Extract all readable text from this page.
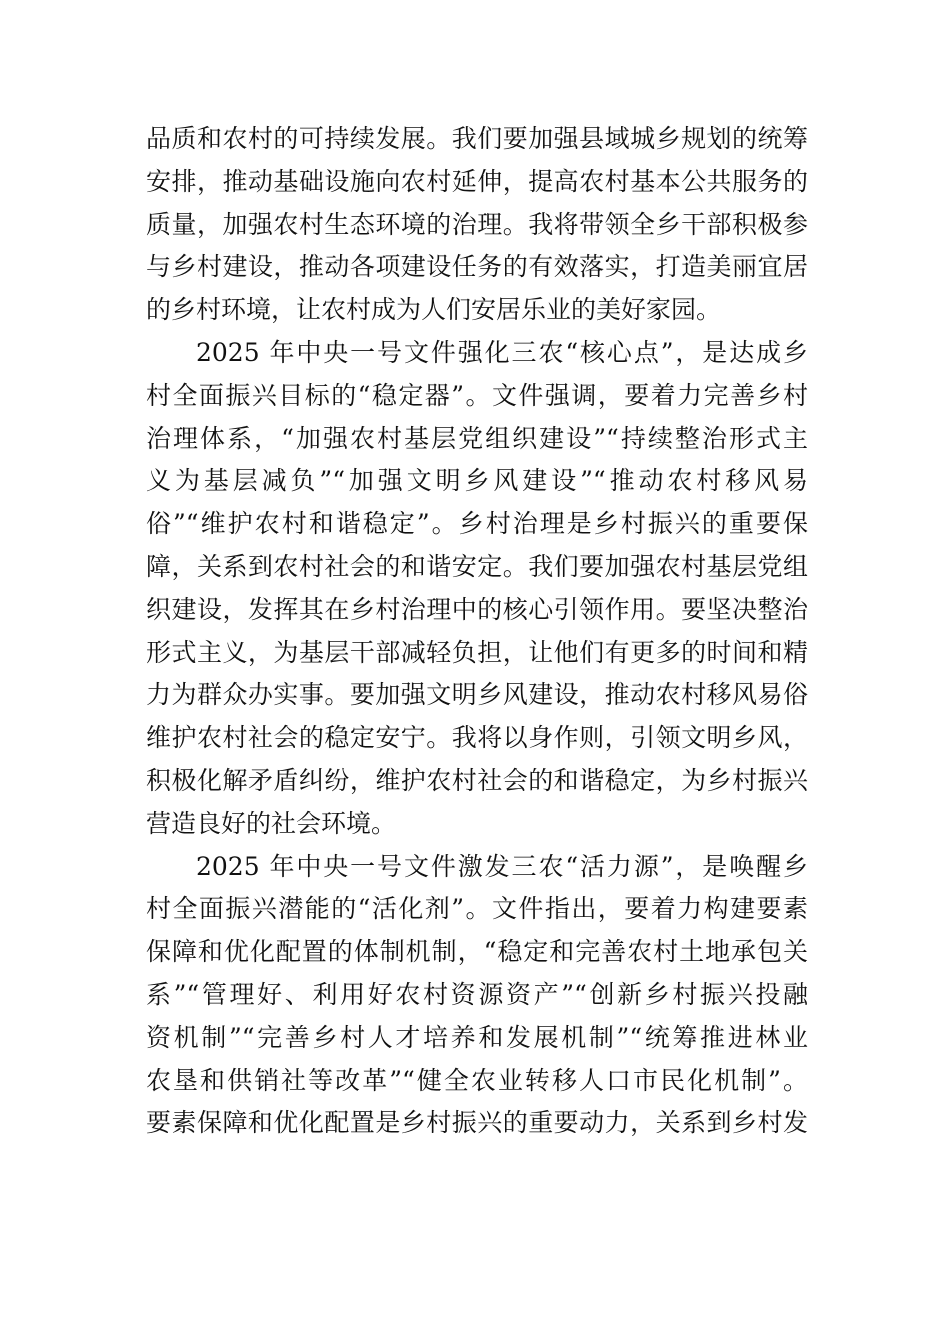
品质和农村的可持续发展。我们要加强县域城乡规划的统筹
安排，推动基础设施向农村延伸，提高农村基本公共服务的
质量，加强农村生态环境的治理。我将带领全乡干部积极参
与乡村建设，推动各项建设任务的有效落实，打造美丽宜居
的乡村环境，让农村成为人们安居乐业的美好家园。
2025 年中央一号文件强化三农“核心点”，是达成乡
村全面振兴目标的“稳定器”。文件强调，要着力完善乡村
治理体系，“加强农村基层党组织建设”“持续整治形式主
义为基层减负”“加强文明乡风建设”“推动农村移风易
俗”“维护农村和谐稳定”。乡村治理是乡村振兴的重要保
障，关系到农村社会的和谐安定。我们要加强农村基层党组
织建设，发挥其在乡村治理中的核心引领作用。要坚决整治
形式主义，为基层干部减轻负担，让他们有更多的时间和精
力为群众办实事。要加强文明乡风建设，推动农村移风易俗
维护农村社会的稳定安宁。我将以身作则，引领文明乡风，
积极化解矛盾纠纷，维护农村社会的和谐稳定，为乡村振兴
营造良好的社会环境。
2025 年中央一号文件激发三农“活力源”，是唤醒乡
村全面振兴潜能的“活化剂”。文件指出，要着力构建要素
保障和优化配置的体制机制，“稳定和完善农村土地承包关
系”“管理好、利用好农村资源资产”“创新乡村振兴投融
资机制”“完善乡村人才培养和发展机制”“统筹推进林业
农垦和供销社等改革”“健全农业转移人口市民化机制”。
要素保障和优化配置是乡村振兴的重要动力，关系到乡村发
